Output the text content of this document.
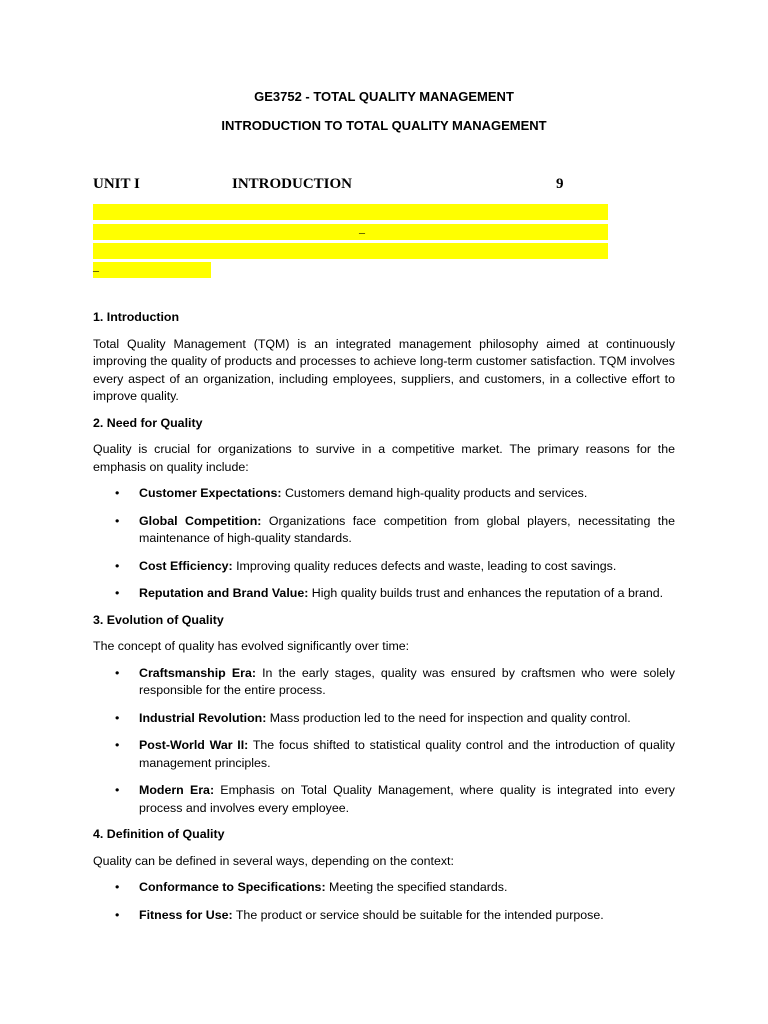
GE3752 - TOTAL QUALITY MANAGEMENT
INTRODUCTION TO TOTAL QUALITY MANAGEMENT
UNIT I	INTRODUCTION	9
–
–
1. Introduction
Total Quality Management (TQM) is an integrated management philosophy aimed at continuously improving the quality of products and processes to achieve long-term customer satisfaction. TQM involves every aspect of an organization, including employees, suppliers, and customers, in a collective effort to improve quality.
2. Need for Quality
Quality is crucial for organizations to survive in a competitive market. The primary reasons for the emphasis on quality include:
• Customer Expectations: Customers demand high-quality products and services.
• Global Competition: Organizations face competition from global players, necessitating the maintenance of high-quality standards.
• Cost Efficiency: Improving quality reduces defects and waste, leading to cost savings.
• Reputation and Brand Value: High quality builds trust and enhances the reputation of a brand.
3. Evolution of Quality
The concept of quality has evolved significantly over time:
• Craftsmanship Era: In the early stages, quality was ensured by craftsmen who were solely responsible for the entire process.
• Industrial Revolution: Mass production led to the need for inspection and quality control.
• Post-World War II: The focus shifted to statistical quality control and the introduction of quality management principles.
• Modern Era: Emphasis on Total Quality Management, where quality is integrated into every process and involves every employee.
4. Definition of Quality
Quality can be defined in several ways, depending on the context:
• Conformance to Specifications: Meeting the specified standards.
• Fitness for Use: The product or service should be suitable for the intended purpose.
